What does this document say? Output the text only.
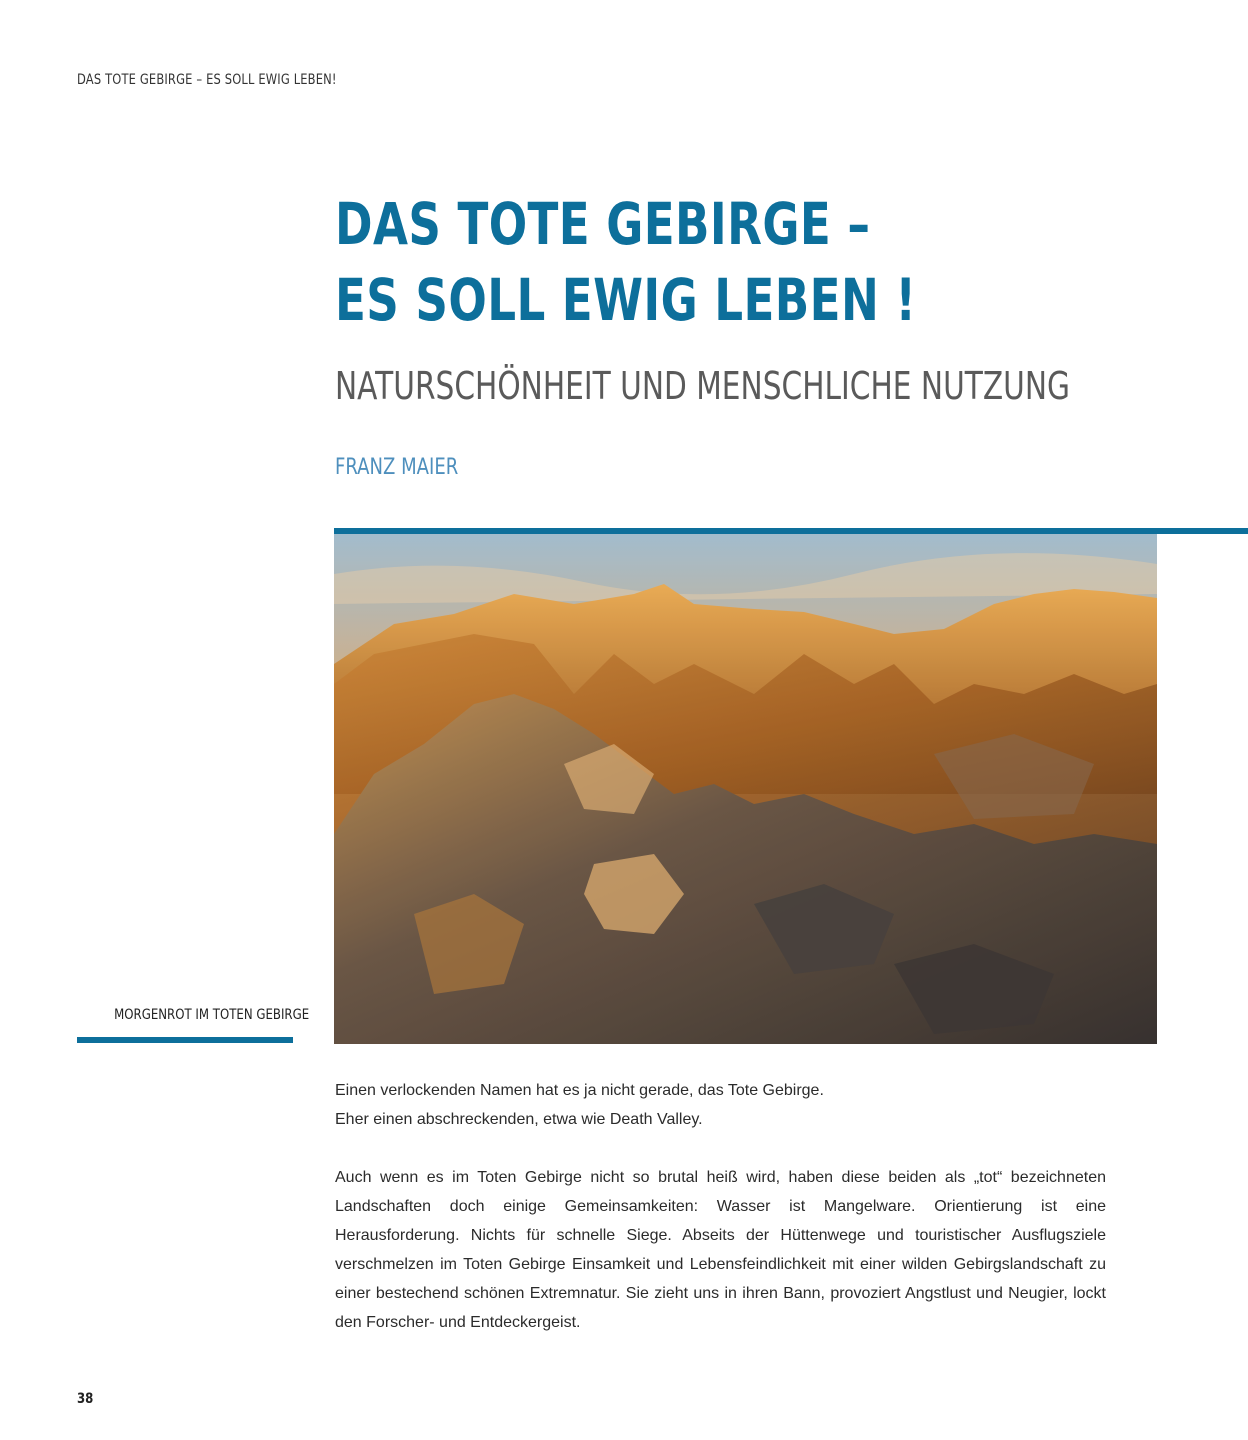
DAS TOTE GEBIRGE – ES SOLL EWIG LEBEN!
DAS TOTE GEBIRGE –
ES SOLL EWIG LEBEN !
NATURSCHÖNHEIT UND MENSCHLICHE NUTZUNG
FRANZ MAIER
MORGENROT IM TOTEN GEBIRGE

Einen verlockenden Namen hat es ja nicht gerade, das Tote Gebirge.
Eher einen abschreckenden, etwa wie Death Valley.

Auch wenn es im Toten Gebirge nicht so brutal heiß wird, haben diese beiden als „tot“ bezeichneten Landschaften doch einige Gemeinsamkeiten: Wasser ist Mangelware. Orientierung ist eine Herausforderung. Nichts für schnelle Siege. Abseits der Hüttenwege und touristischer Ausflugsziele verschmelzen im Toten Gebirge Einsamkeit und Lebensfeindlichkeit mit einer wilden Gebirgslandschaft zu einer bestechend schönen Extremnatur. Sie zieht uns in ihren Bann, provoziert Angstlust und Neugier, lockt den Forscher- und Entdeckergeist.

38
